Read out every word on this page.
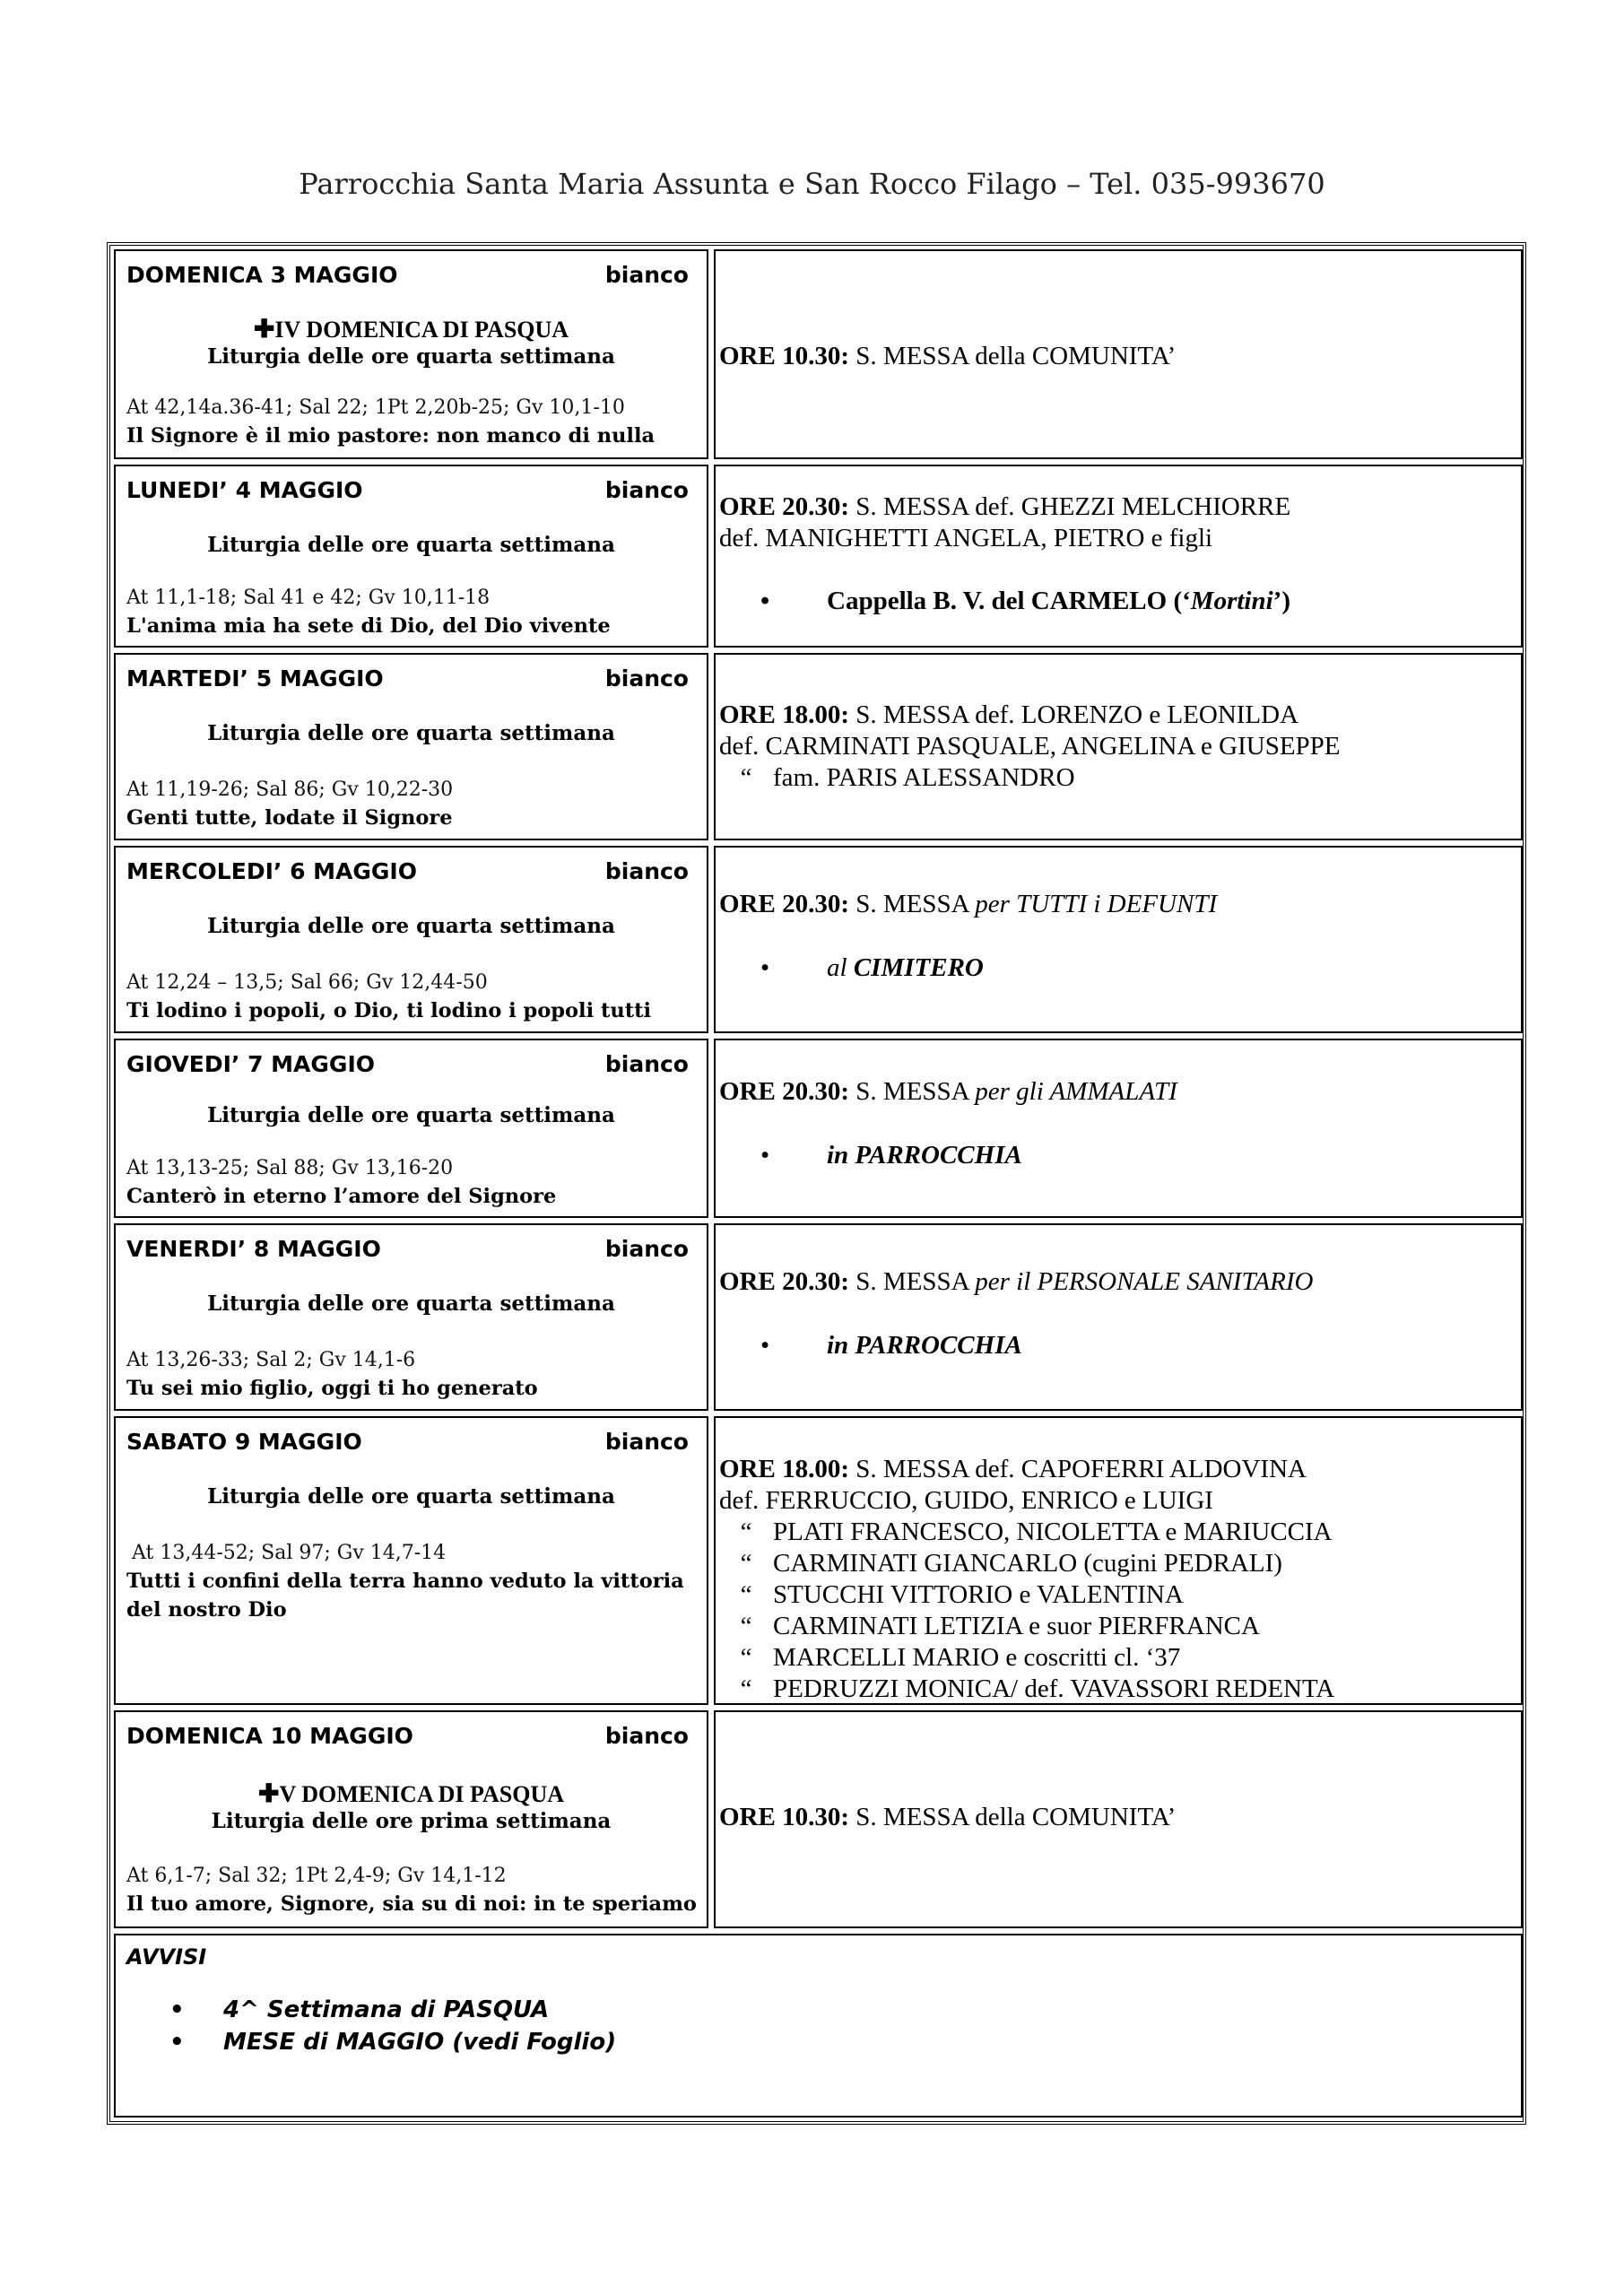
Parrocchia Santa Maria Assunta e San Rocco Filago – Tel. 035-993670
DOMENICA 3 MAGGIO	bianco
✚IV DOMENICA DI PASQUA
Liturgia delle ore quarta settimana
At 42,14a.36-41; Sal 22; 1Pt 2,20b-25; Gv 10,1-10
Il Signore è il mio pastore: non manco di nulla
ORE 10.30: S. MESSA della COMUNITA’
LUNEDI’ 4 MAGGIO	bianco
Liturgia delle ore quarta settimana
At 11,1-18; Sal 41 e 42; Gv 10,11-18
L'anima mia ha sete di Dio, del Dio vivente
ORE 20.30: S. MESSA def. GHEZZI MELCHIORRE
def. MANIGHETTI ANGELA, PIETRO e figli
• Cappella B. V. del CARMELO (‘Mortini’)
MARTEDI’ 5 MAGGIO	bianco
Liturgia delle ore quarta settimana
At 11,19-26; Sal 86; Gv 10,22-30
Genti tutte, lodate il Signore
ORE 18.00: S. MESSA def. LORENZO e LEONILDA
def. CARMINATI PASQUALE, ANGELINA e GIUSEPPE
“ fam. PARIS ALESSANDRO
MERCOLEDI’ 6 MAGGIO	bianco
Liturgia delle ore quarta settimana
At 12,24 – 13,5; Sal 66; Gv 12,44-50
Ti lodino i popoli, o Dio, ti lodino i popoli tutti
ORE 20.30: S. MESSA per TUTTI i DEFUNTI
• al CIMITERO
GIOVEDI’ 7 MAGGIO	bianco
Liturgia delle ore quarta settimana
At 13,13-25; Sal 88; Gv 13,16-20
Canterò in eterno l’amore del Signore
ORE 20.30: S. MESSA per gli AMMALATI
• in PARROCCHIA
VENERDI’ 8 MAGGIO	bianco
Liturgia delle ore quarta settimana
At 13,26-33; Sal 2; Gv 14,1-6
Tu sei mio figlio, oggi ti ho generato
ORE 20.30: S. MESSA per il PERSONALE SANITARIO
• in PARROCCHIA
SABATO 9 MAGGIO	bianco
Liturgia delle ore quarta settimana
At 13,44-52; Sal 97; Gv 14,7-14
Tutti i confini della terra hanno veduto la vittoria del nostro Dio
ORE 18.00: S. MESSA def. CAPOFERRI ALDOVINA
def. FERRUCCIO, GUIDO, ENRICO e LUIGI
“ PLATI FRANCESCO, NICOLETTA e MARIUCCIA
“ CARMINATI GIANCARLO (cugini PEDRALI)
“ STUCCHI VITTORIO e VALENTINA
“ CARMINATI LETIZIA e suor PIERFRANCA
“ MARCELLI MARIO e coscritti cl. ‘37
“ PEDRUZZI MONICA/ def. VAVASSORI REDENTA
DOMENICA 10 MAGGIO	bianco
✚V DOMENICA DI PASQUA
Liturgia delle ore prima settimana
At 6,1-7; Sal 32; 1Pt 2,4-9; Gv 14,1-12
Il tuo amore, Signore, sia su di noi: in te speriamo
ORE 10.30: S. MESSA della COMUNITA’
AVVISI
• 4^ Settimana di PASQUA
• MESE di MAGGIO (vedi Foglio)
